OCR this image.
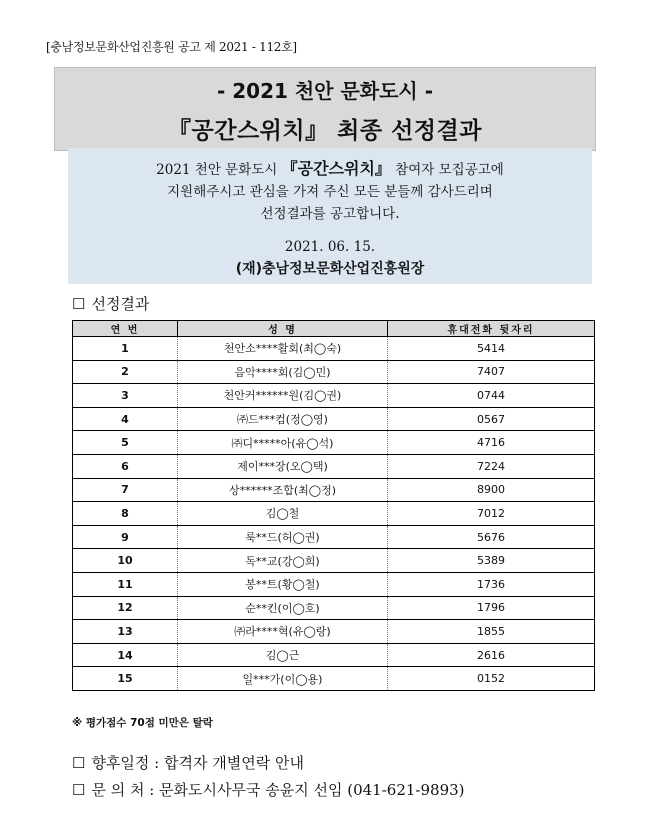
[충남정보문화산업진흥원 공고 제 2021 - 112호]
- 2021 천안 문화도시 -
『공간스위치』 최종 선정결과
2021 천안 문화도시 『공간스위치』 참여자 모집공고에
지원해주시고 관심을 가져 주신 모든 분들께 감사드리며
선정결과를 공고합니다.
2021. 06. 15.
(재)충남정보문화산업진흥원장
☐ 선정결과
연 번	성 명	휴대전화 뒷자리
1	천안소****활회(최◯숙)	5414
2	음악****회(김◯민)	7407
3	천안커******원(김◯권)	0744
4	㈜드***컴(정◯영)	0567
5	㈜디*****아(유◯석)	4716
6	제이***장(오◯택)	7224
7	상******조합(최◯정)	8900
8	김◯철	7012
9	룩**드(허◯권)	5676
10	독**교(강◯희)	5389
11	봉**트(황◯철)	1736
12	순**킨(이◯호)	1796
13	㈜라****혁(유◯랑)	1855
14	김◯근	2616
15	일***가(이◯용)	0152
※ 평가점수 70점 미만은 탈락
☐ 향후일정 : 합격자 개별연락 안내
☐ 문 의 처 : 문화도시사무국 송윤지 선임 (041-621-9893)
